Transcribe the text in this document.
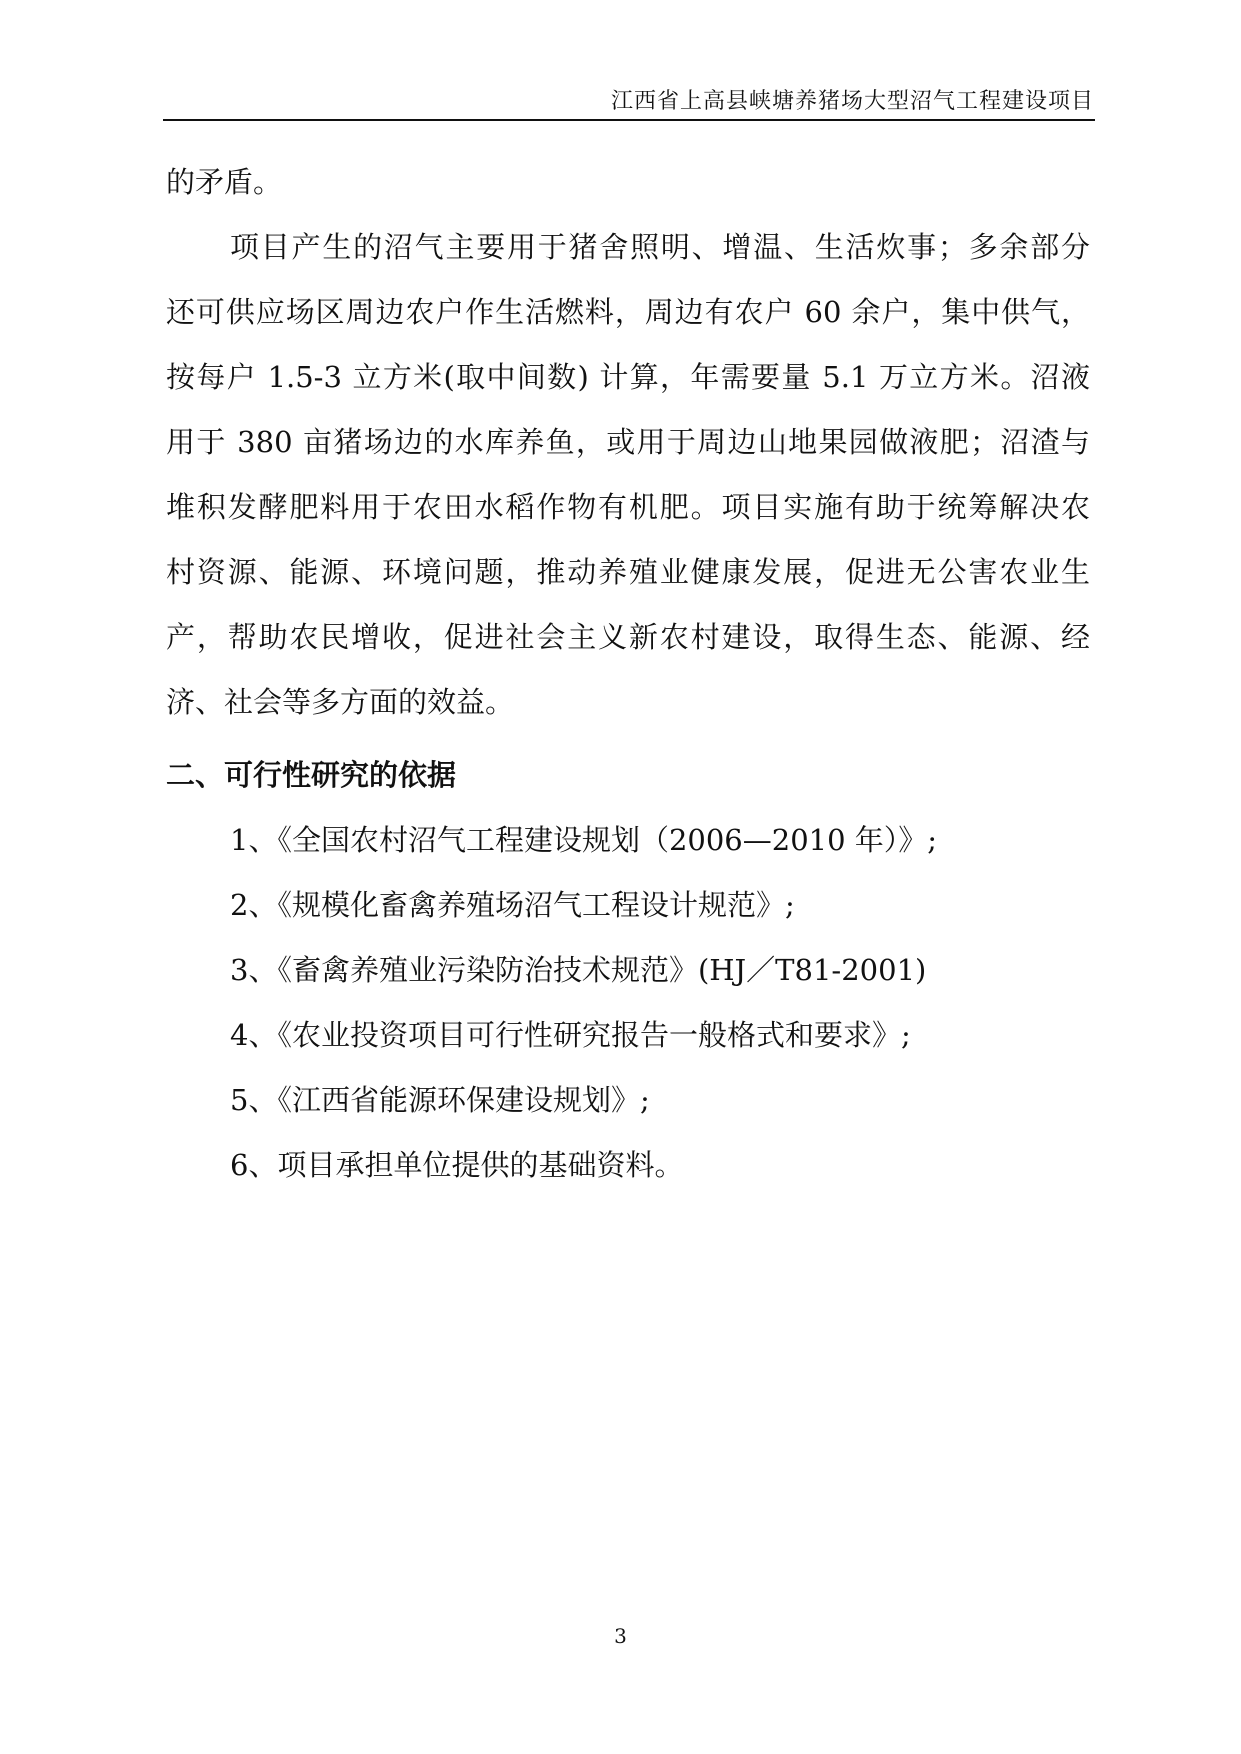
江西省上高县峡塘养猪场大型沼气工程建设项目
的矛盾。
项目产生的沼气主要用于猪舍照明、增温、生活炊事；多余部分
还可供应场区周边农户作生活燃料，周边有农户 60 余户，集中供气，
按每户 1.5-3 立方米(取中间数) 计算，年需要量 5.1 万立方米。沼液
用于 380 亩猪场边的水库养鱼，或用于周边山地果园做液肥；沼渣与
堆积发酵肥料用于农田水稻作物有机肥。项目实施有助于统筹解决农
村资源、能源、环境问题，推动养殖业健康发展，促进无公害农业生
产，帮助农民增收，促进社会主义新农村建设，取得生态、能源、经
济、社会等多方面的效益。
二、可行性研究的依据
1、《全国农村沼气工程建设规划（2006—2010 年）》;
2、《规模化畜禽养殖场沼气工程设计规范》;
3、《畜禽养殖业污染防治技术规范》(HJ／T81-2001)
4、《农业投资项目可行性研究报告一般格式和要求》;
5、《江西省能源环保建设规划》;
6、项目承担单位提供的基础资料。
3
